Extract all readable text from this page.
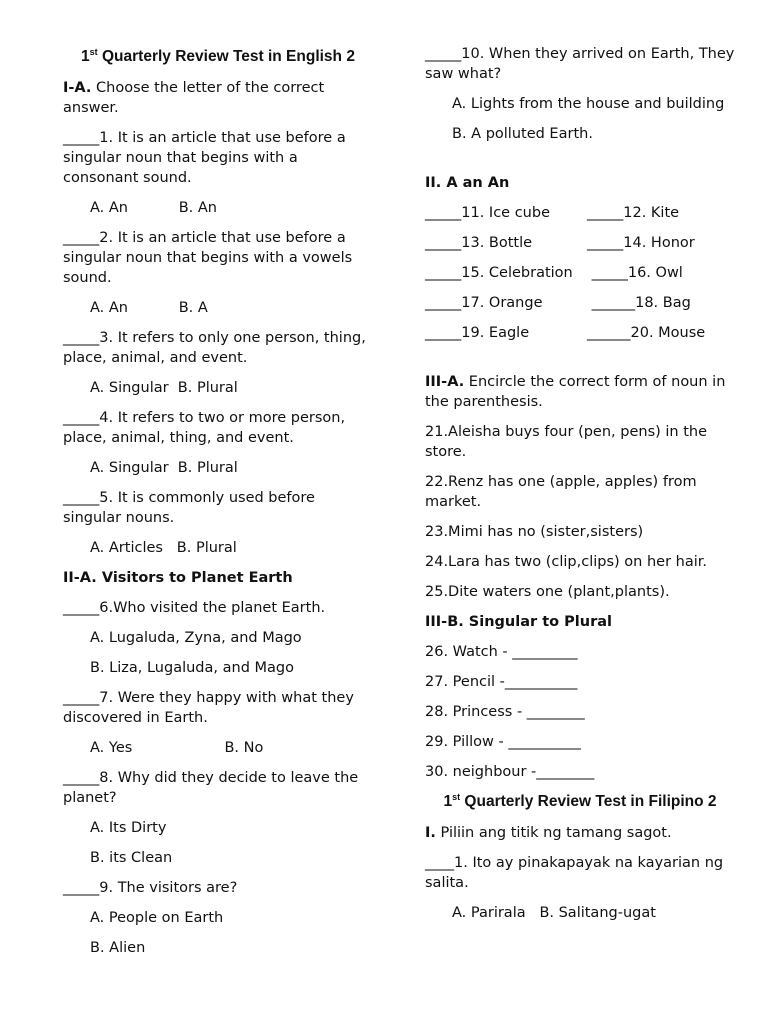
1st Quarterly Review Test in English 2
I-A. Choose the letter of the correct answer.
_____1. It is an article that use before a singular noun that begins with a consonant sound.
A. An           B. An
_____2. It is an article that use before a singular noun that begins with a vowels sound.
A. An           B. A
_____3. It refers to only one person, thing, place, animal, and event.
A. Singular  B. Plural
_____4. It refers to two or more person, place, animal, thing, and event.
A. Singular  B. Plural
_____5. It is commonly used before singular nouns.
A. Articles   B. Plural
II-A. Visitors to Planet Earth
_____6.Who visited the planet Earth.
A. Lugaluda, Zyna, and Mago
B. Liza, Lugaluda, and Mago
_____7. Were they happy with what they discovered in Earth.
A. Yes                    B. No
_____8. Why did they decide to leave the planet?
A. Its Dirty
B. its Clean
_____9. The visitors are?
A. People on Earth
B. Alien
_____10. When they arrived on Earth, They saw what?
A. Lights from the house and building
B. A polluted Earth.
II. A an An
_____11. Ice cube	_____12. Kite
_____13. Bottle	_____14. Honor
_____15. Celebration _____16. Owl
_____17. Orange	______18. Bag
_____19. Eagle	______20. Mouse
III-A. Encircle the correct form of noun in the parenthesis.
21.Aleisha buys four (pen, pens) in the store.
22.Renz has one (apple, apples) from market.
23.Mimi has no (sister,sisters)
24.Lara has two (clip,clips) on her hair.
25.Dite waters one (plant,plants).
III-B. Singular to Plural
26. Watch - _________
27. Pencil -__________
28. Princess - ________
29. Pillow - __________
30. neighbour -________
1st Quarterly Review Test in Filipino 2
I. Piliin ang titik ng tamang sagot.
____1. Ito ay pinakapayak na kayarian ng salita.
A. Parirala   B. Salitang-ugat
